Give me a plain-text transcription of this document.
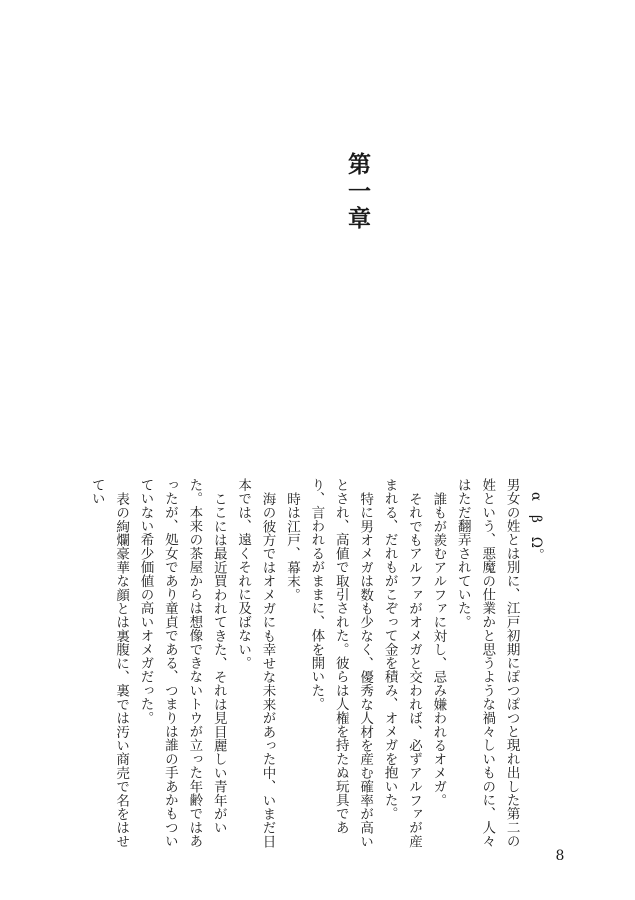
第一章

α　β　Ω。

男女の姓とは別に、江戸初期にぽつぽつと現れ出した第二の姓という、悪魔の仕業かと思うような禍々しいものに、人々はただ翻弄されていた。

誰もが羨むアルファに対し、忌み嫌われるオメガ。

それでもアルファがオメガと交われば、必ずアルファが産まれる、だれもがこぞって金を積み、オメガを抱いた。

特に男オメガは数も少なく、優秀な人材を産む確率が高いとされ、高値で取引された。彼らは人権を持たぬ玩具であり、言われるがままに、体を開いた。

時は江戸、幕末。

海の彼方ではオメガにも幸せな未来があった中、いまだ日本では、遠くそれに及ばない。

ここには最近買われてきた、それは見目麗しい青年がいた。本来の茶屋からは想像できないトウが立った年齢ではあったが、処女であり童貞である、つまりは誰の手あかもついていない希少価値の高いオメガだった。

表の絢爛豪華な顔とは裏腹に、裏では汚い商売で名をはせてい

8
